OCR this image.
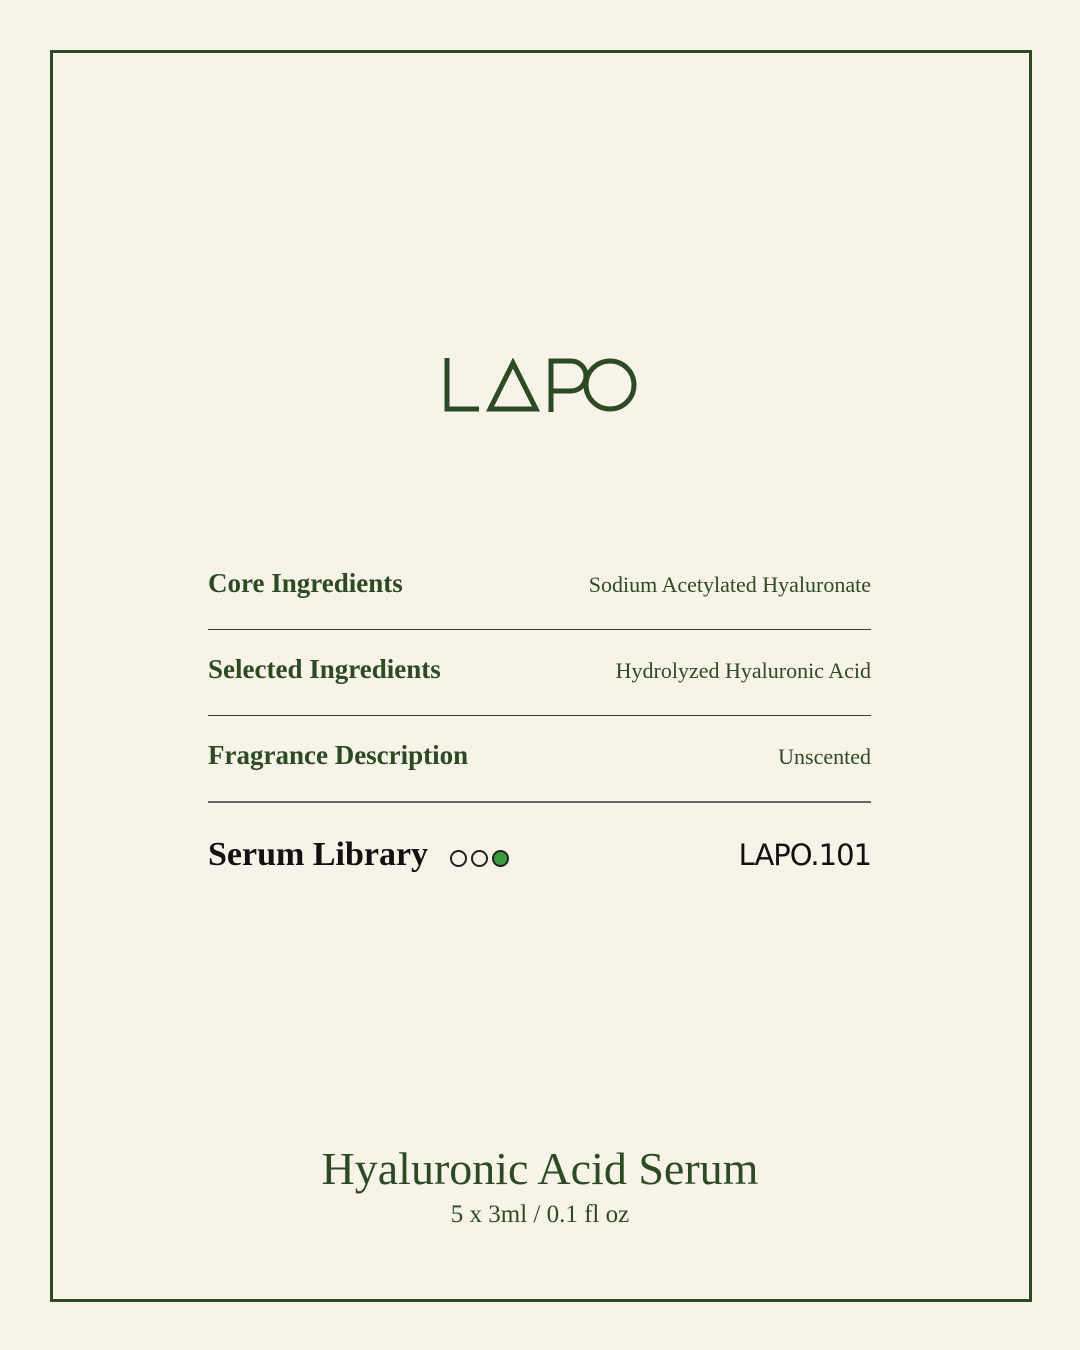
Core Ingredients	Sodium Acetylated Hyaluronate
Selected Ingredients	Hydrolyzed Hyaluronic Acid
Fragrance Description	Unscented
Serum Library	LAPO.101
Hyaluronic Acid Serum
5 x 3ml / 0.1 fl oz
